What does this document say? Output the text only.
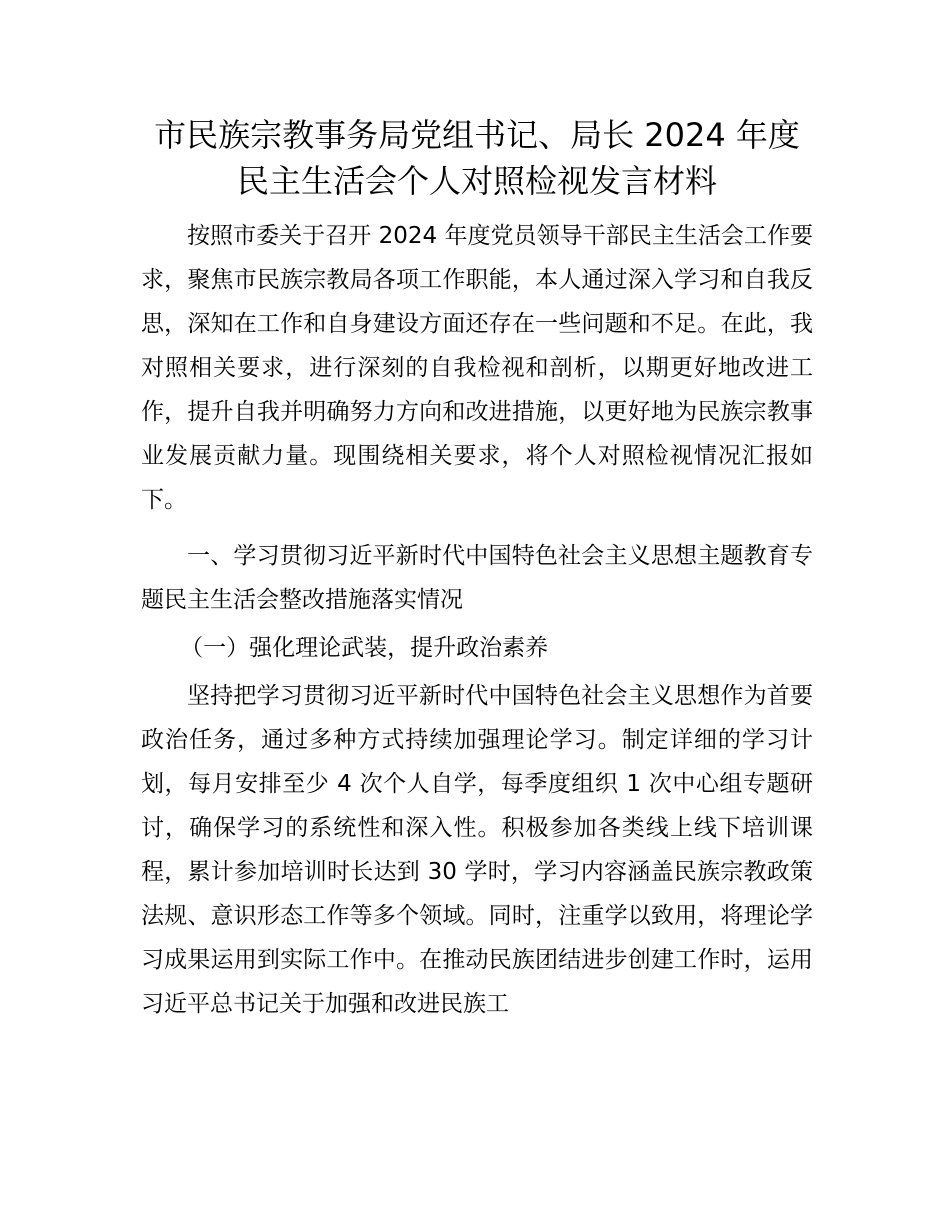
市民族宗教事务局党组书记、局长 2024 年度
民主生活会个人对照检视发言材料

按照市委关于召开 2024 年度党员领导干部民主生活会工作要求，聚焦市民族宗教局各项工作职能，本人通过深入学习和自我反思，深知在工作和自身建设方面还存在一些问题和不足。在此，我对照相关要求，进行深刻的自我检视和剖析，以期更好地改进工作，提升自我并明确努力方向和改进措施，以更好地为民族宗教事业发展贡献力量。现围绕相关要求，将个人对照检视情况汇报如下。

一、学习贯彻习近平新时代中国特色社会主义思想主题教育专题民主生活会整改措施落实情况

（一）强化理论武装，提升政治素养

坚持把学习贯彻习近平新时代中国特色社会主义思想作为首要政治任务，通过多种方式持续加强理论学习。制定详细的学习计划，每月安排至少 4 次个人自学，每季度组织 1 次中心组专题研讨，确保学习的系统性和深入性。积极参加各类线上线下培训课程，累计参加培训时长达到 30 学时，学习内容涵盖民族宗教政策法规、意识形态工作等多个领域。同时，注重学以致用，将理论学习成果运用到实际工作中。在推动民族团结进步创建工作时，运用习近平总书记关于加强和改进民族工
